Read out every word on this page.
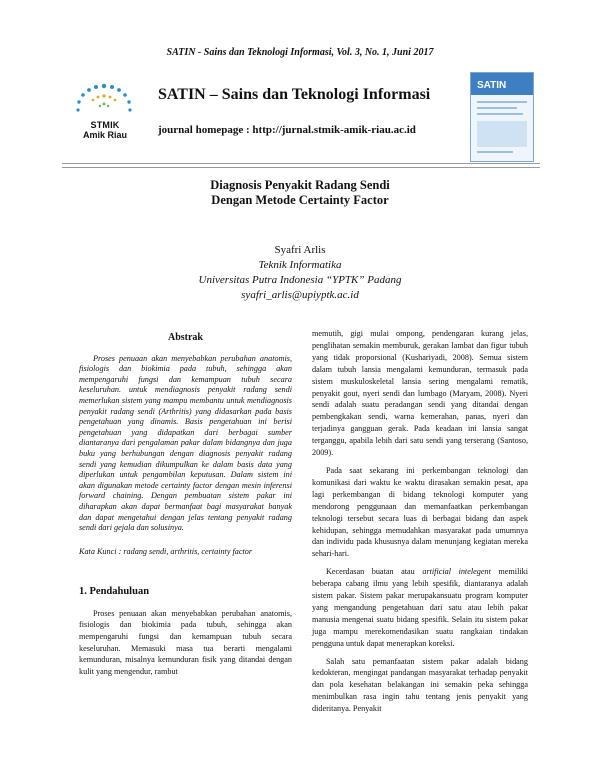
SATIN - Sains dan Teknologi Informasi, Vol. 3, No. 1, Juni 2017
STMIK
Amik Riau
SATIN – Sains dan Teknologi Informasi
journal homepage : http://jurnal.stmik-amik-riau.ac.id
SATIN
Diagnosis Penyakit Radang Sendi
Dengan Metode Certainty Factor
Syafri Arlis
Teknik Informatika
Universitas Putra Indonesia “YPTK” Padang
syafri_arlis@upiyptk.ac.id
Abstrak

Proses penuaan akan menyebabkan perubahan anatomis, fisiologis dan biokimia pada tubuh, sehingga akan mempengaruhi fungsi dan kemampuan tubuh secara keseluruhan. untuk mendiagnosis penyakit radang sendi memerlukan sistem yang mampu membantu untuk mendiagnosis penyakit radang sendi (Arthritis) yang didasarkan pada basis pengetahuan yang dinamis. Basis pengetahuan ini berisi pengetahuan yang didapatkan dari berbagai sumber diantaranya dari pengalaman pakar dalam bidangnya dan juga buku yang berhubungan dengan diagnosis penyakit radang sendi yang kemudian dikumpulkan ke dalam basis data yang diperlukan untuk pengambilan keputusan. Dalam sistem ini akan digunakan metode certainty factor dengan mesin inferensi forward chaining. Dengan pembuatan sistem pakar ini diharapkan akan dapat bermanfaat bagi masyarakat banyak dan dapat mengetahui dengan jelas tentang penyakit radang sendi dari gejala dan solusinya.

Kata Kunci : radang sendi, arthritis, certainty factor

1. Pendahuluan

Proses penuaan akan menyebabkan perubahan anatomis, fisiologis dan biokimia pada tubuh, sehingga akan mempengaruhi fungsi dan kemampuan tubuh secara keseluruhan. Memasuki masa tua berarti mengalami kemunduran, misalnya kemunduran fisik yang ditandai dengan kulit yang mengendur, rambut

memutih, gigi mulai ompong, pendengaran kurang jelas, penglihatan semakin memburuk, gerakan lambat dan figur tubuh yang tidak proporsional (Kushariyadi, 2008). Semua sistem dalam tubuh lansia mengalami kemunduran, termasuk pada sistem muskuloskeletal lansia sering mengalami rematik, penyakit gout, nyeri sendi dan lumbago (Maryam, 2008). Nyeri sendi adalah suatu peradangan sendi yang ditandai dengan pembengkakan sendi, warna kemerahan, panas, nyeri dan terjadinya gangguan gerak. Pada keadaan ini lansia sangat terganggu, apabila lebih dari satu sendi yang terserang (Santoso, 2009).

Pada saat sekarang ini perkembangan teknologi dan komunikasi dari waktu ke waktu dirasakan semakin pesat, apa lagi perkembangan di bidang teknologi komputer yang mendorong penggunaan dan memanfaatkan perkembangan teknologi tersebut secara luas di berbagai bidang dan aspek kehidupan, sehingga memudahkan masyarakat pada umumnya dan individu pada khususnya dalam menunjang kegiatan mereka sehari-hari.

Kecerdasan buatan atau artificial intelegent memiliki beberapa cabang ilmu yang lebih spesifik, diantaranya adalah sistem pakar. Sistem pakar merupakansuatu program komputer yang mengandung pengetahuan dari satu atau lebih pakar manusia mengenai suatu bidang spesifik. Selain itu sistem pakar juga mampu merekomendasikan suatu rangkaian tindakan pengguna untuk dapat menerapkan koreksi.

Salah satu pemanfaatan sistem pakar adalah bidang kedokteran, mengingat pandangan masyarakat terhadap penyakit dan pola kesehatan belakangan ini semakin peka sehingga menimbulkan rasa ingin tahu tentang jenis penyakit yang dideritanya. Penyakit
